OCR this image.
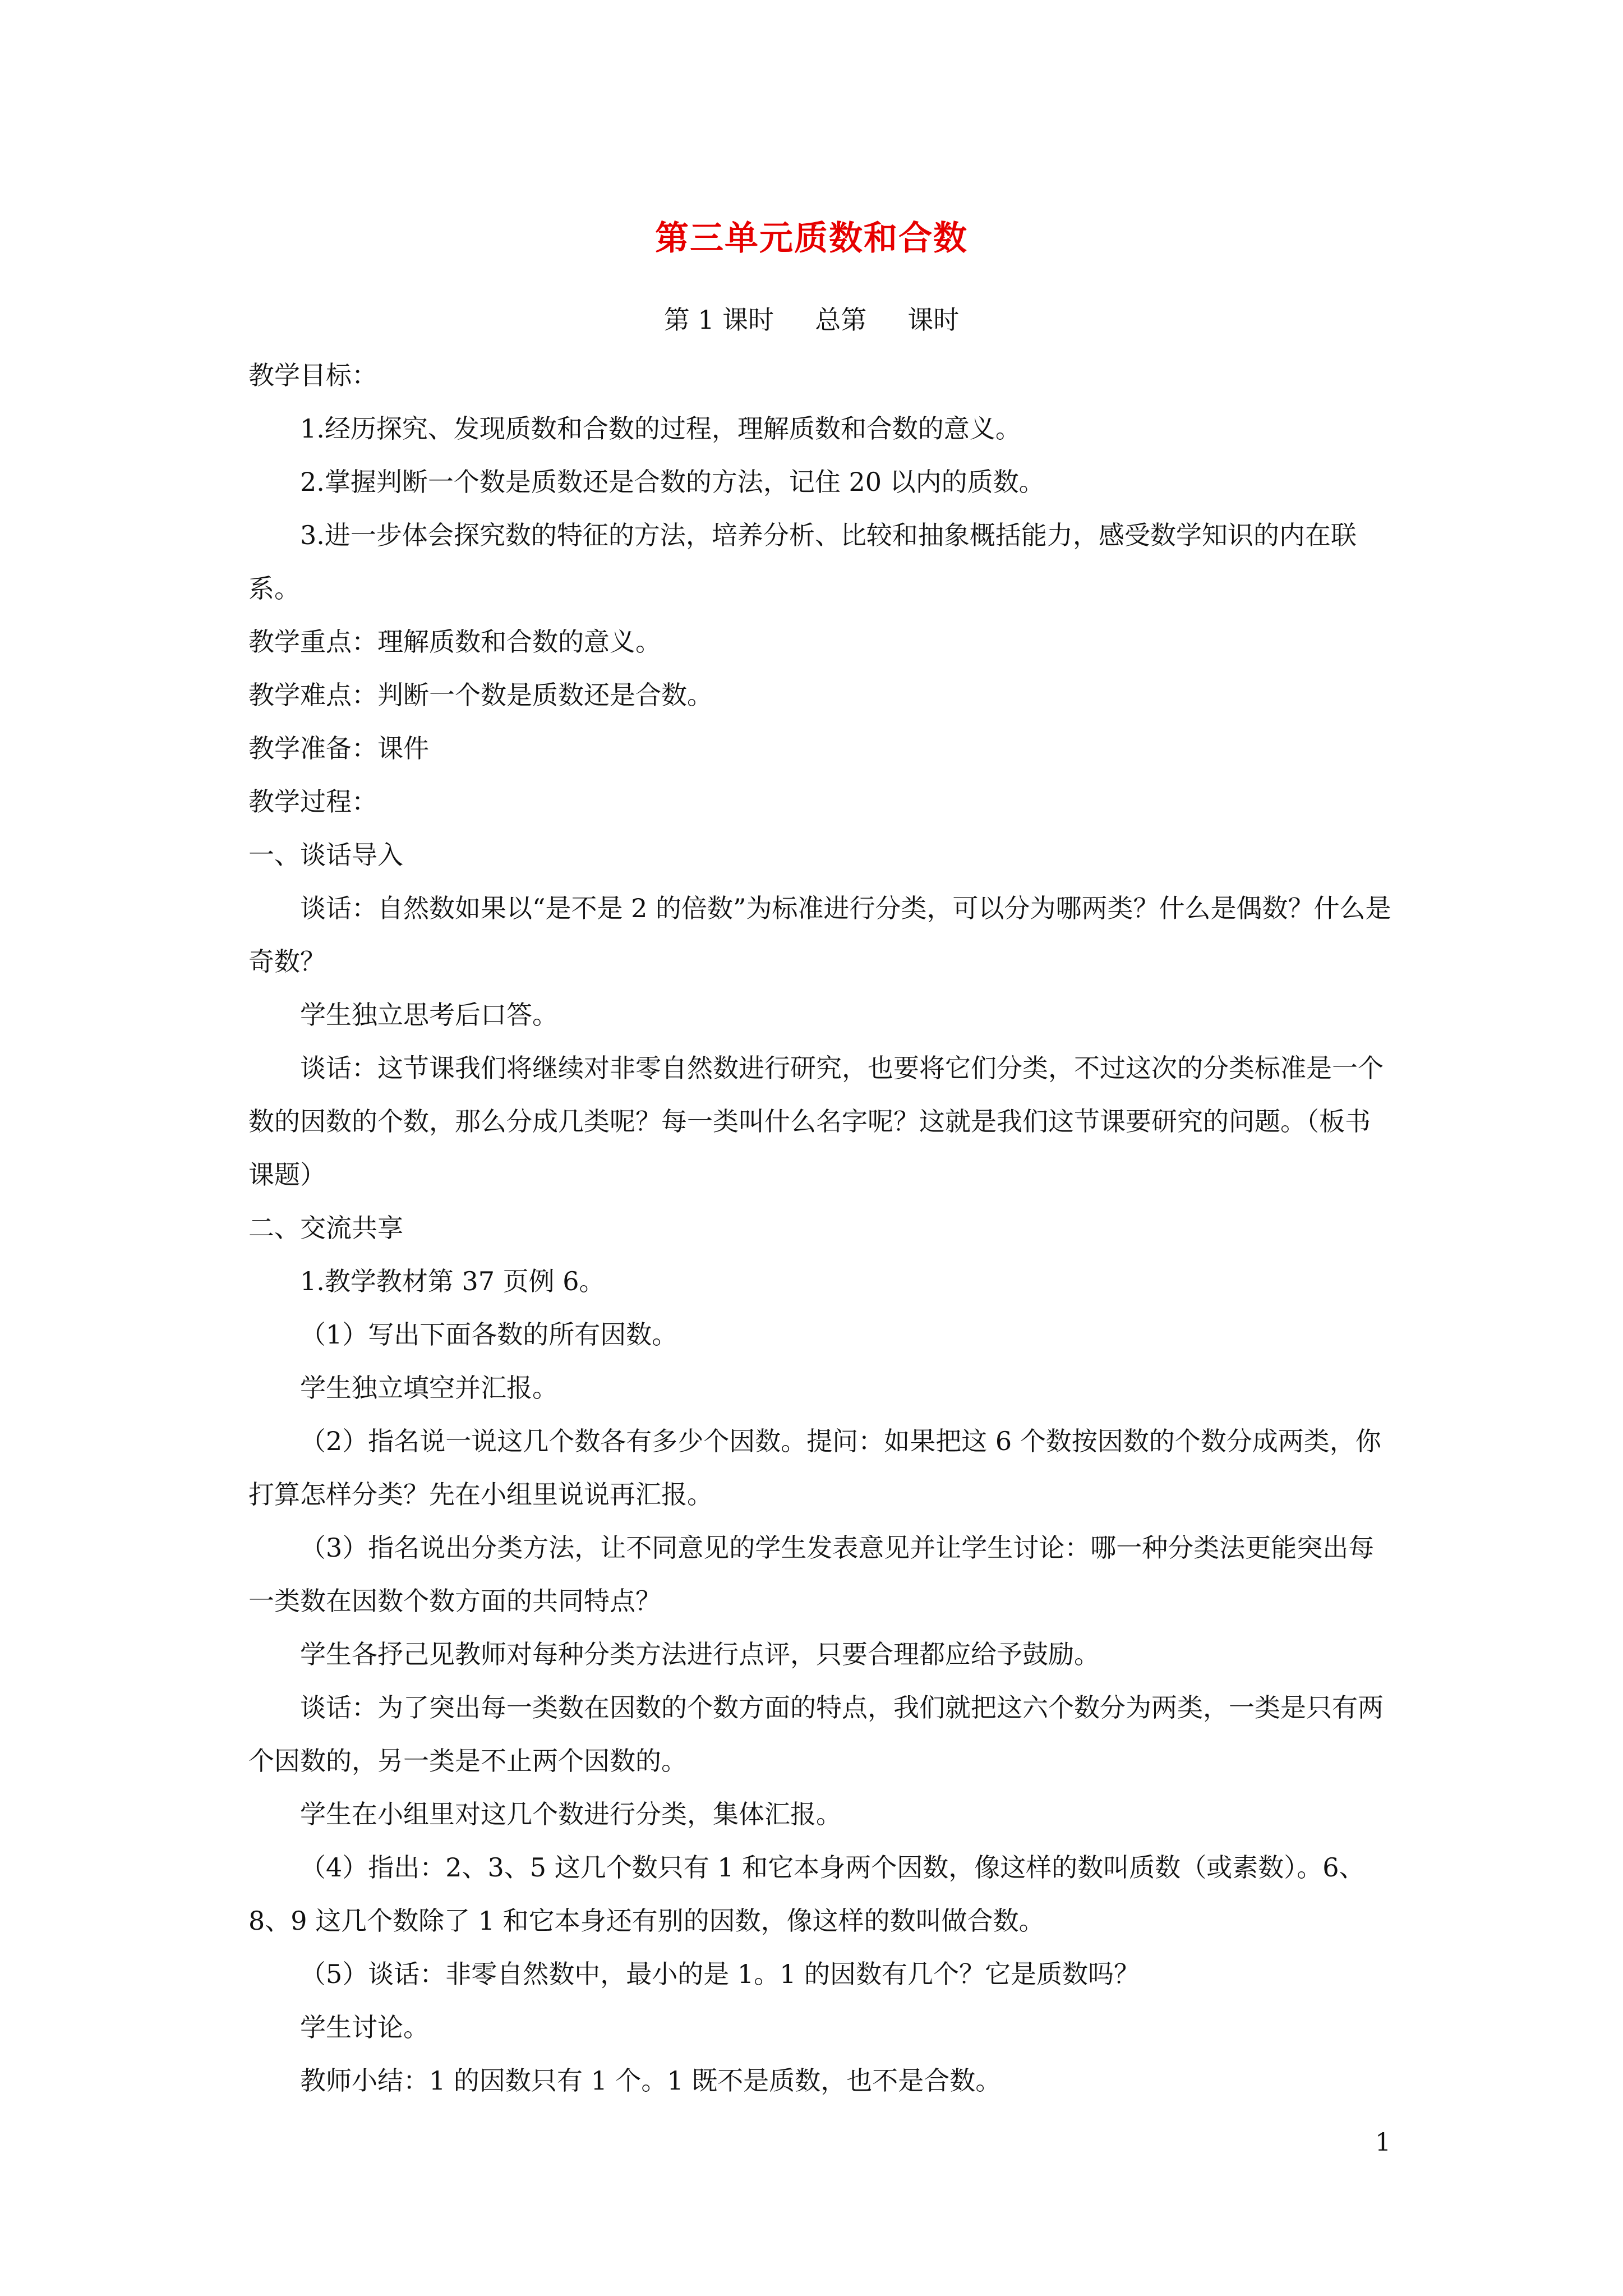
第三单元质数和合数
第 1 课时     总第     课时

教学目标：

1.经历探究、发现质数和合数的过程，理解质数和合数的意义。

2.掌握判断一个数是质数还是合数的方法，记住 20 以内的质数。

3.进一步体会探究数的特征的方法，培养分析、比较和抽象概括能力，感受数学知识的内在联系。

教学重点：理解质数和合数的意义。

教学难点：判断一个数是质数还是合数。

教学准备：课件

教学过程：

一、谈话导入

谈话：自然数如果以“是不是 2 的倍数”为标准进行分类，可以分为哪两类？什么是偶数？什么是奇数？

学生独立思考后口答。

谈话：这节课我们将继续对非零自然数进行研究，也要将它们分类，不过这次的分类标准是一个数的因数的个数，那么分成几类呢？每一类叫什么名字呢？这就是我们这节课要研究的问题。（板书课题）

二、交流共享

1.教学教材第 37 页例 6。

（1）写出下面各数的所有因数。

学生独立填空并汇报。

（2）指名说一说这几个数各有多少个因数。提问：如果把这 6 个数按因数的个数分成两类，你打算怎样分类？先在小组里说说再汇报。

（3）指名说出分类方法，让不同意见的学生发表意见并让学生讨论：哪一种分类法更能突出每一类数在因数个数方面的共同特点？

学生各抒己见教师对每种分类方法进行点评，只要合理都应给予鼓励。

谈话：为了突出每一类数在因数的个数方面的特点，我们就把这六个数分为两类，一类是只有两个因数的，另一类是不止两个因数的。

学生在小组里对这几个数进行分类，集体汇报。

（4）指出：2、3、5 这几个数只有 1 和它本身两个因数，像这样的数叫质数（或素数）。6、8、9 这几个数除了 1 和它本身还有别的因数，像这样的数叫做合数。

（5）谈话：非零自然数中，最小的是 1。1 的因数有几个？它是质数吗？

学生讨论。

教师小结：1 的因数只有 1 个。1 既不是质数，也不是合数。

1
